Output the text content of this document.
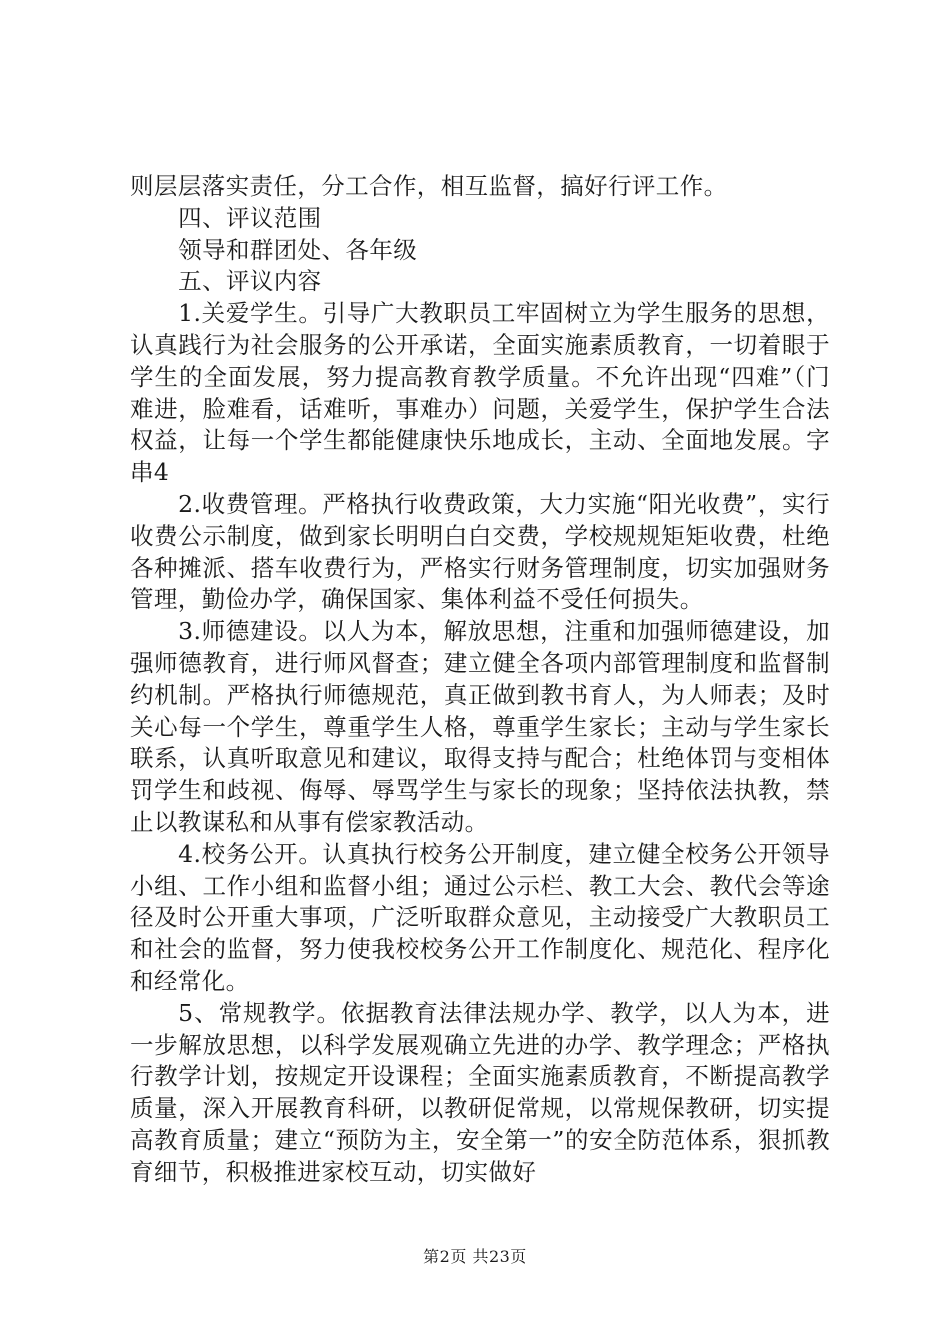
则层层落实责任，分工合作，相互监督，搞好行评工作。

四、评议范围

领导和群团处、各年级

五、评议内容

1.关爱学生。引导广大教职员工牢固树立为学生服务的思想，认真践行为社会服务的公开承诺，全面实施素质教育，一切着眼于学生的全面发展，努力提高教育教学质量。不允许出现“四难”（门难进，脸难看，话难听，事难办）问题，关爱学生，保护学生合法权益，让每一个学生都能健康快乐地成长，主动、全面地发展。字串4

2.收费管理。严格执行收费政策，大力实施“阳光收费”，实行收费公示制度，做到家长明明白白交费，学校规规矩矩收费，杜绝各种摊派、搭车收费行为，严格实行财务管理制度，切实加强财务管理，勤俭办学，确保国家、集体利益不受任何损失。

3.师德建设。以人为本，解放思想，注重和加强师德建设，加强师德教育，进行师风督查；建立健全各项内部管理制度和监督制约机制。严格执行师德规范，真正做到教书育人，为人师表；及时关心每一个学生，尊重学生人格，尊重学生家长；主动与学生家长联系，认真听取意见和建议，取得支持与配合；杜绝体罚与变相体罚学生和歧视、侮辱、辱骂学生与家长的现象；坚持依法执教，禁止以教谋私和从事有偿家教活动。

4.校务公开。认真执行校务公开制度，建立健全校务公开领导小组、工作小组和监督小组；通过公示栏、教工大会、教代会等途径及时公开重大事项，广泛听取群众意见，主动接受广大教职员工和社会的监督，努力使我校校务公开工作制度化、规范化、程序化和经常化。

5、常规教学。依据教育法律法规办学、教学，以人为本，进一步解放思想，以科学发展观确立先进的办学、教学理念；严格执行教学计划，按规定开设课程；全面实施素质教育，不断提高教学质量，深入开展教育科研，以教研促常规，以常规保教研，切实提高教育质量；建立“预防为主，安全第一”的安全防范体系，狠抓教育细节，积极推进家校互动，切实做好

第2页 共23页
